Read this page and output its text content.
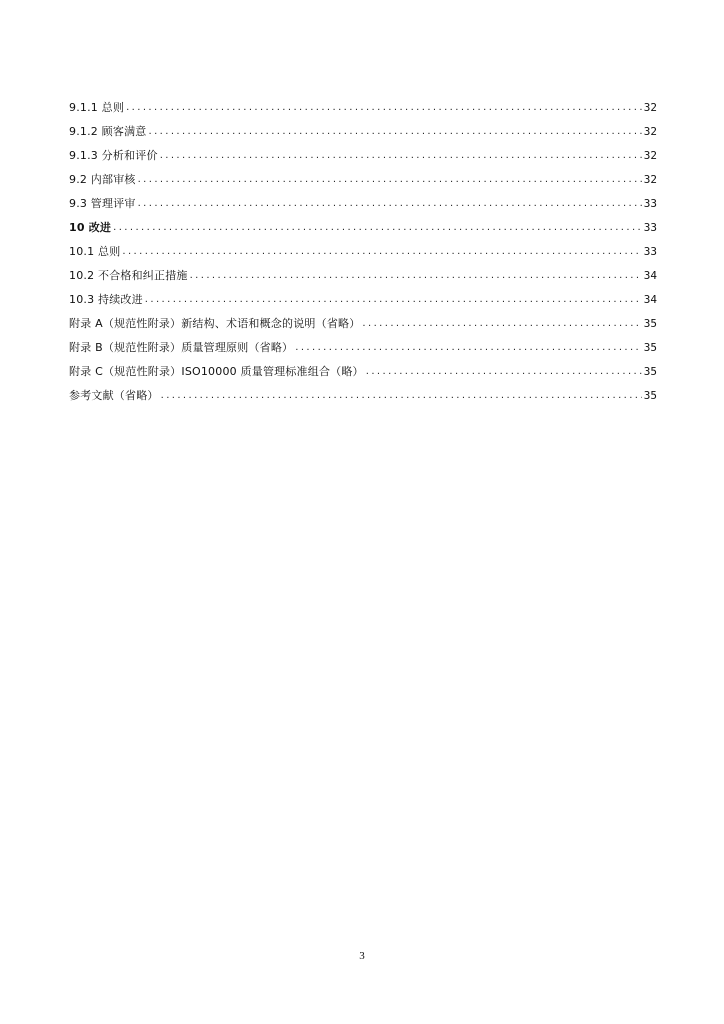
9.1.1 总则 .....	32
9.1.2 顾客满意 .....	32
9.1.3 分析和评价 .....	32
9.2 内部审核 .....	32
9.3 管理评审 .....	33
10 改进 .....	33
10.1 总则 .....	33
10.2 不合格和纠正措施 .....	34
10.3 持续改进 .....	34
附录 A（规范性附录）新结构、术语和概念的说明（省略） .....	35
附录 B（规范性附录）质量管理原则（省略） .....	35
附录 C（规范性附录）ISO10000 质量管理标准组合（略） .....	35
参考文献（省略） .....	35
3
